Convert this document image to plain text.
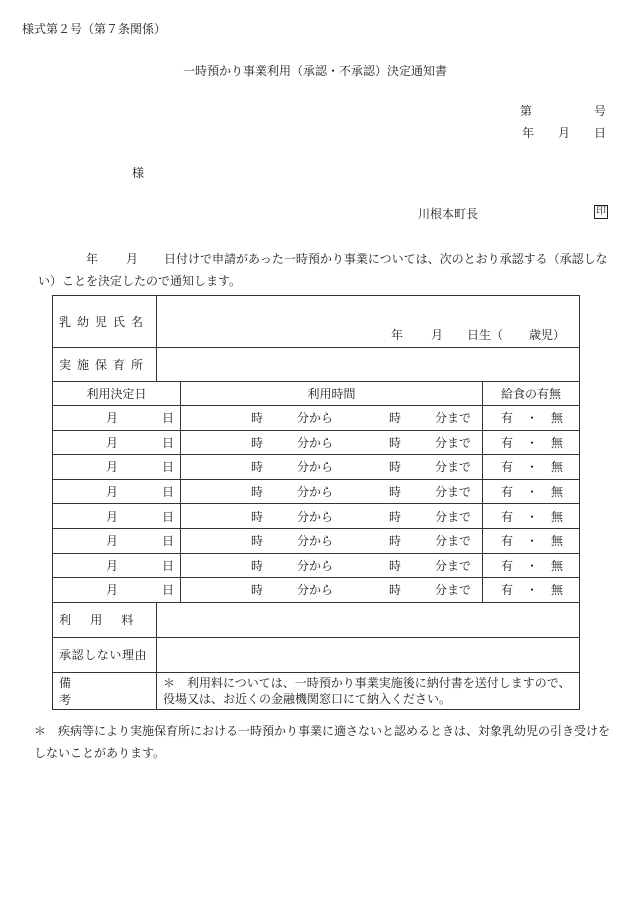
様式第２号（第７条関係）
一時預かり事業利用（承認・不承認）決定通知書
第	号
年 月 日
様
川根本町長	印
年 月 日付けで申請があった一時預かり事業については、次のとおり承認する（承認しない）ことを決定したので通知します。
乳幼児氏名	年 月 日生（ 歳児）		

実施保育所			
利用決定日		利用時間	給食の有無

月 日		時 分から 時 分まで	有 ・ 無

月 日		時 分から 時 分まで	有 ・ 無

月 日		時 分から 時 分まで	有 ・ 無

月 日		時 分から 時 分まで	有 ・ 無

月 日		時 分から 時 分まで	有 ・ 無

月 日		時 分から 時 分まで	有 ・ 無

月 日		時 分から 時 分まで	有 ・ 無

月 日		時 分から 時 分まで	有 ・ 無

利用料			
承認しない理由			
備考	＊　利用料については、一時預かり事業実施後に納付書を送付しますので、役場又は、お近くの金融機関窓口にて納入ください。		
＊　疾病等により実施保育所における一時預かり事業に適さないと認めるときは、対象乳幼児の引き受けをしないことがあります。
